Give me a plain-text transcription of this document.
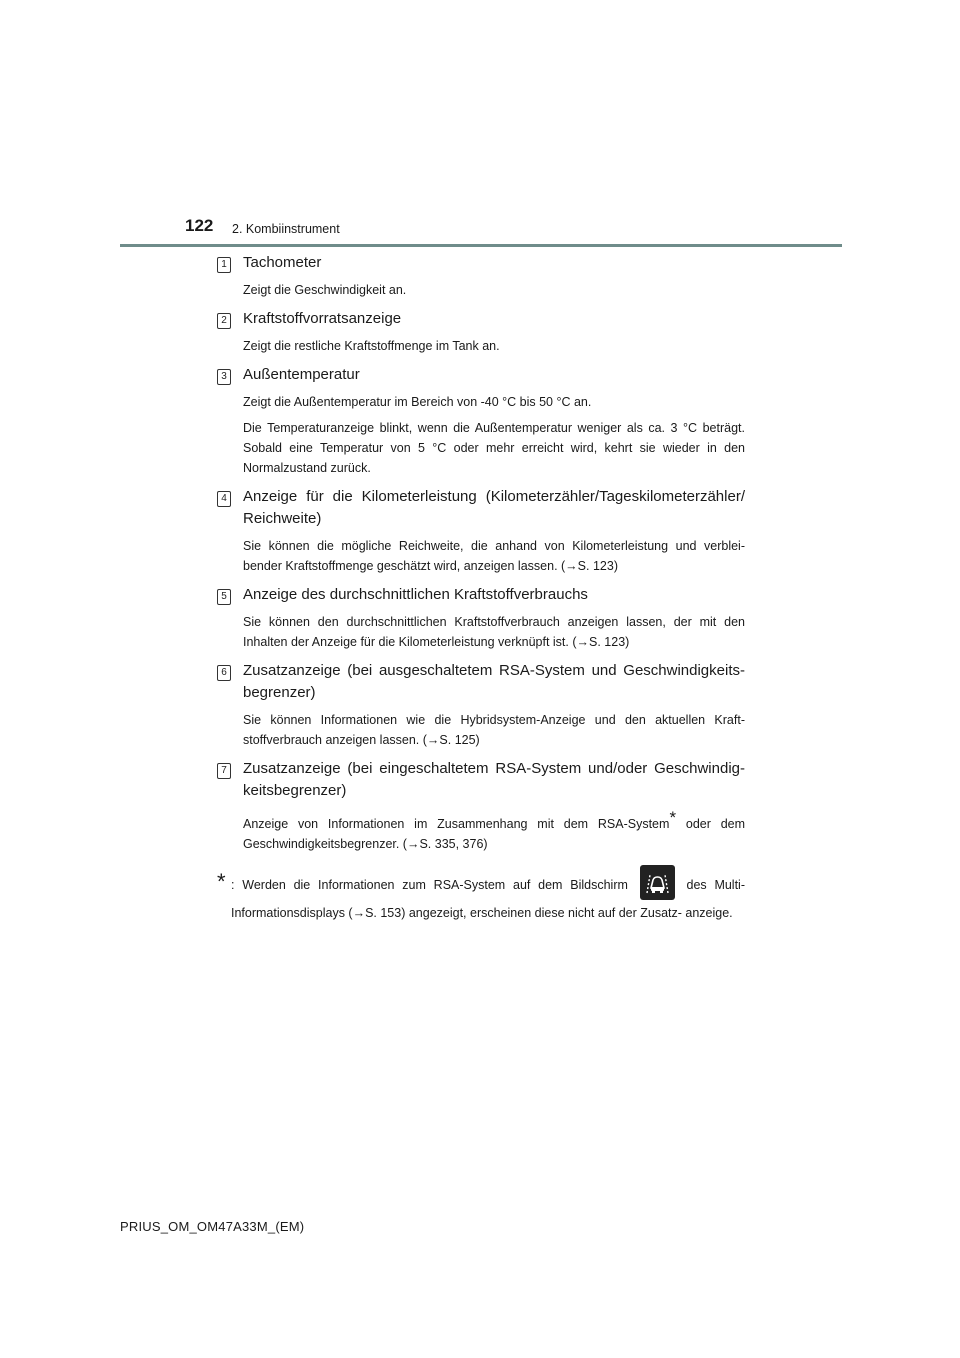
122 2. Kombiinstrument
1 Tachometer
Zeigt die Geschwindigkeit an.
2 Kraftstoffvorratsanzeige
Zeigt die restliche Kraftstoffmenge im Tank an.
3 Außentemperatur
Zeigt die Außentemperatur im Bereich von -40 °C bis 50 °C an.
Die Temperaturanzeige blinkt, wenn die Außentemperatur weniger als ca. 3 °C beträgt. Sobald eine Temperatur von 5 °C oder mehr erreicht wird, kehrt sie wieder in den Normalzustand zurück.
4 Anzeige für die Kilometerleistung (Kilometerzähler/Tageskilometerzähler/ Reichweite)
Sie können die mögliche Reichweite, die anhand von Kilometerleistung und verblei- bender Kraftstoffmenge geschätzt wird, anzeigen lassen. (→S. 123)
5 Anzeige des durchschnittlichen Kraftstoffverbrauchs
Sie können den durchschnittlichen Kraftstoffverbrauch anzeigen lassen, der mit den Inhalten der Anzeige für die Kilometerleistung verknüpft ist. (→S. 123)
6 Zusatzanzeige (bei ausgeschaltetem RSA-System und Geschwindigkeits- begrenzer)
Sie können Informationen wie die Hybridsystem-Anzeige und den aktuellen Kraft- stoffverbrauch anzeigen lassen. (→S. 125)
7 Zusatzanzeige (bei eingeschaltetem RSA-System und/oder Geschwindig- keitsbegrenzer)
Anzeige von Informationen im Zusammenhang mit dem RSA-System* oder dem Geschwindigkeitsbegrenzer. (→S. 335, 376)
* : Werden die Informationen zum RSA-System auf dem Bildschirm	des Multi- Informationsdisplays (→S. 153) angezeigt, erscheinen diese nicht auf der Zusatz- anzeige.
PRIUS_OM_OM47A33M_(EM)
